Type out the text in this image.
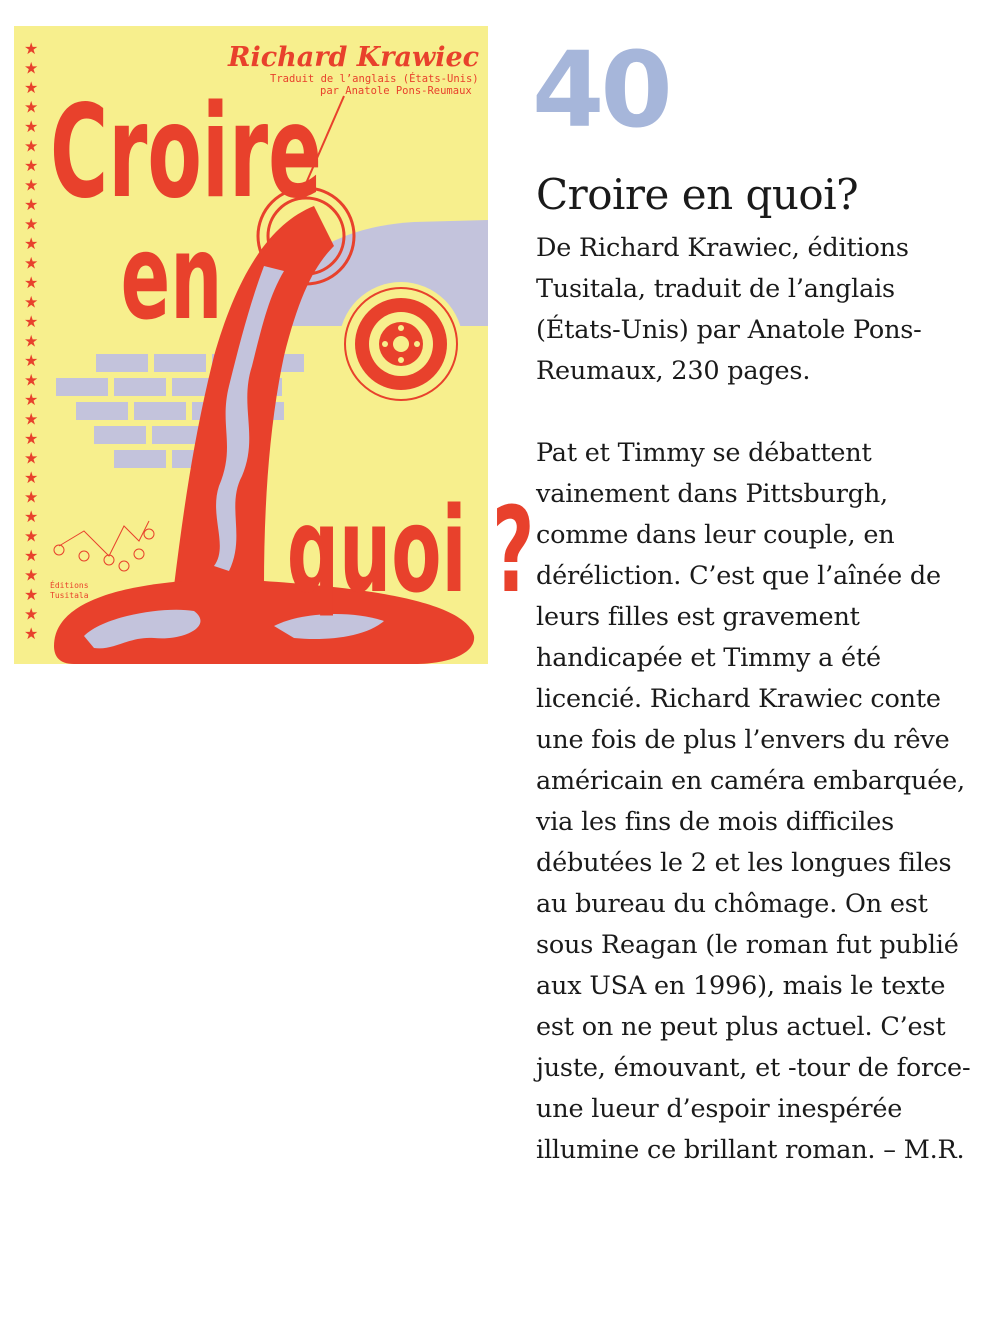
★
★
★
★
★
★
★
★
★
★
★
★
★
★
★
★
★
★
★
★
★
★
★
★
★
★
★
★
★
★
★
Croire
en
quoi ?
Richard Krawiec
Traduit de l’anglais (États-Unis)
par Anatole Pons-Reumaux
Éditions
Tusitala
40
Croire en quoi?

De Richard Krawiec, éditions Tusitala, traduit de l’anglais (États-Unis) par Anatole Pons-Reumaux, 230 pages.

Pat et Timmy se débattent vainement dans Pittsburgh, comme dans leur couple, en déréliction. C’est que l’aînée de leurs filles est gravement handicapée et Timmy a été licencié. Richard Krawiec conte une fois de plus l’envers du rêve américain en caméra embarquée, via les fins de mois difficiles débutées le 2 et les longues files au bureau du chômage. On est sous Reagan (le roman fut publié aux USA en 1996), mais le texte est on ne peut plus actuel. C’est juste, émouvant, et -tour de force- une lueur d’espoir inespérée illumine ce brillant roman. – M.R.
